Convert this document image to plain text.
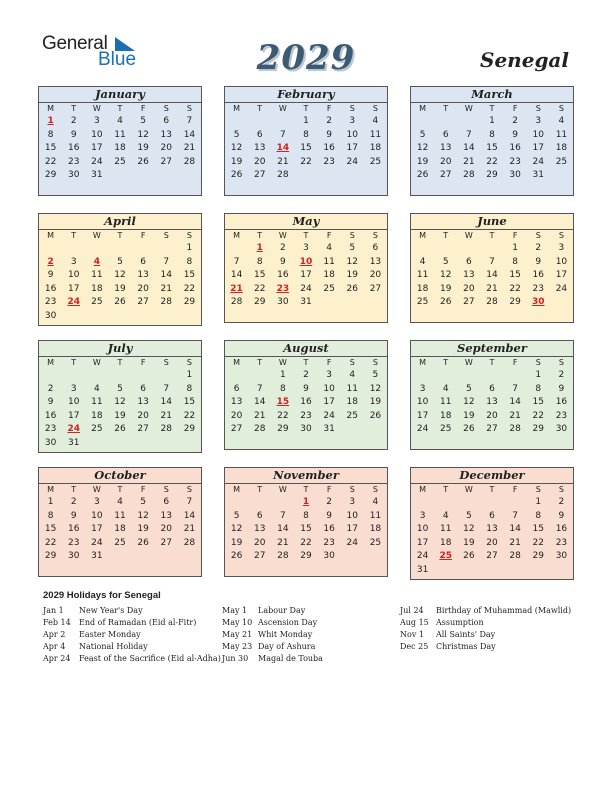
General
Blue	2029	Senegal
January
M	T	W	T	F	S	S
1	2	3	4	5	6	7
8	9	10	11	12	13	14
15	16	17	18	19	20	21
22	23	24	25	26	27	28
29	30	31				
February
M	T	W	T	F	S	S
			1	2	3	4
5	6	7	8	9	10	11
12	13	14	15	16	17	18
19	20	21	22	23	24	25
26	27	28				
March
M	T	W	T	F	S	S
			1	2	3	4
5	6	7	8	9	10	11
12	13	14	15	16	17	18
19	20	21	22	23	24	25
26	27	28	29	30	31	
April
M	T	W	T	F	S	S
						1
2	3	4	5	6	7	8
9	10	11	12	13	14	15
16	17	18	19	20	21	22
23	24	25	26	27	28	29
30						
May
M	T	W	T	F	S	S
	1	2	3	4	5	6
7	8	9	10	11	12	13
14	15	16	17	18	19	20
21	22	23	24	25	26	27
28	29	30	31			
June
M	T	W	T	F	S	S
				1	2	3
4	5	6	7	8	9	10
11	12	13	14	15	16	17
18	19	20	21	22	23	24
25	26	27	28	29	30	
July
M	T	W	T	F	S	S
						1
2	3	4	5	6	7	8
9	10	11	12	13	14	15
16	17	18	19	20	21	22
23	24	25	26	27	28	29
30	31					
August
M	T	W	T	F	S	S
		1	2	3	4	5
6	7	8	9	10	11	12
13	14	15	16	17	18	19
20	21	22	23	24	25	26
27	28	29	30	31		
September
M	T	W	T	F	S	S
					1	2
3	4	5	6	7	8	9
10	11	12	13	14	15	16
17	18	19	20	21	22	23
24	25	26	27	28	29	30
October
M	T	W	T	F	S	S
1	2	3	4	5	6	7
8	9	10	11	12	13	14
15	16	17	18	19	20	21
22	23	24	25	26	27	28
29	30	31				
November
M	T	W	T	F	S	S
			1	2	3	4
5	6	7	8	9	10	11
12	13	14	15	16	17	18
19	20	21	22	23	24	25
26	27	28	29	30		
December
M	T	W	T	F	S	S
					1	2
3	4	5	6	7	8	9
10	11	12	13	14	15	16
17	18	19	20	21	22	23
24	25	26	27	28	29	30
31						
2029 Holidays for Senegal
Jan 1 New Year's Day
Feb 14 End of Ramadan (Eid al-Fitr)
Apr 2 Easter Monday
Apr 4 National Holiday
Apr 24 Feast of the Sacrifice (Eid al-Adha)
May 1 Labour Day
May 10 Ascension Day
May 21 Whit Monday
May 23 Day of Ashura
Jun 30 Magal de Touba
Jul 24 Birthday of Muhammad (Mawlid)
Aug 15 Assumption
Nov 1 All Saints' Day
Dec 25 Christmas Day
